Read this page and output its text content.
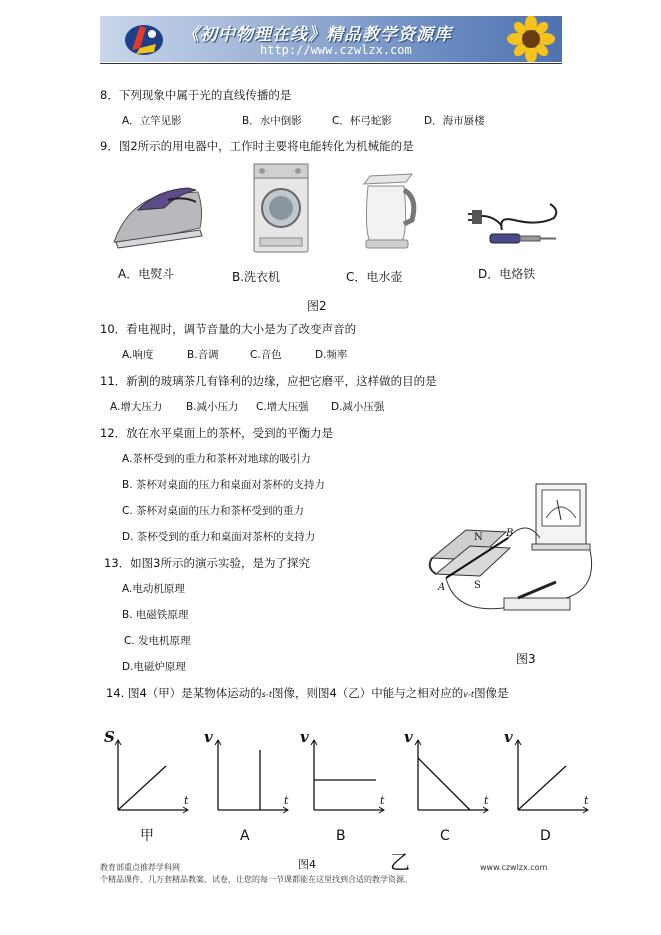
《初中物理在线》精品教学资源库
http://www.czwlzx.com
8．下列现象中属于光的直线传播的是
A．立竿见影	B．水中倒影	C．杯弓蛇影	D．海市蜃楼
9．图2所示的用电器中，工作时主要将电能转化为机械能的是
A．电熨斗	B.洗衣机	C．电水壶	D．电烙铁
图2
10．看电视时，调节音量的大小是为了改变声音的
A.响度	B.音调	C.音色	D.频率
11．新割的玻璃茶几有锋利的边缘，应把它磨平，这样做的目的是
A.增大压力 B.减小压力 C.增大压强 D.减小压强
12．放在水平桌面上的茶杯，受到的平衡力是
A.茶杯受到的重力和茶杯对地球的吸引力
B. 茶杯对桌面的压力和桌面对茶杯的支持力
C. 茶杯对桌面的压力和茶杯受到的重力
D. 茶杯受到的重力和桌面对茶杯的支持力
13．如图3所示的演示实验，是为了探究
A.电动机原理
B. 电磁铁原理
C. 发电机原理
D.电磁炉原理
N B
A	S
图3
14. 图4（甲）是某物体运动的s-t图像，则图4（乙）中能与之相对应的v-t图像是
S
t
甲
v
t
A
v
t
B
v
t
C
v
t
D
图4
教育部重点推荐学科网	www.czwlzx.com
个精品课件、几万套精品教案、试卷，让您的每一节课都能在这里找到合适的教学资源。
乙
